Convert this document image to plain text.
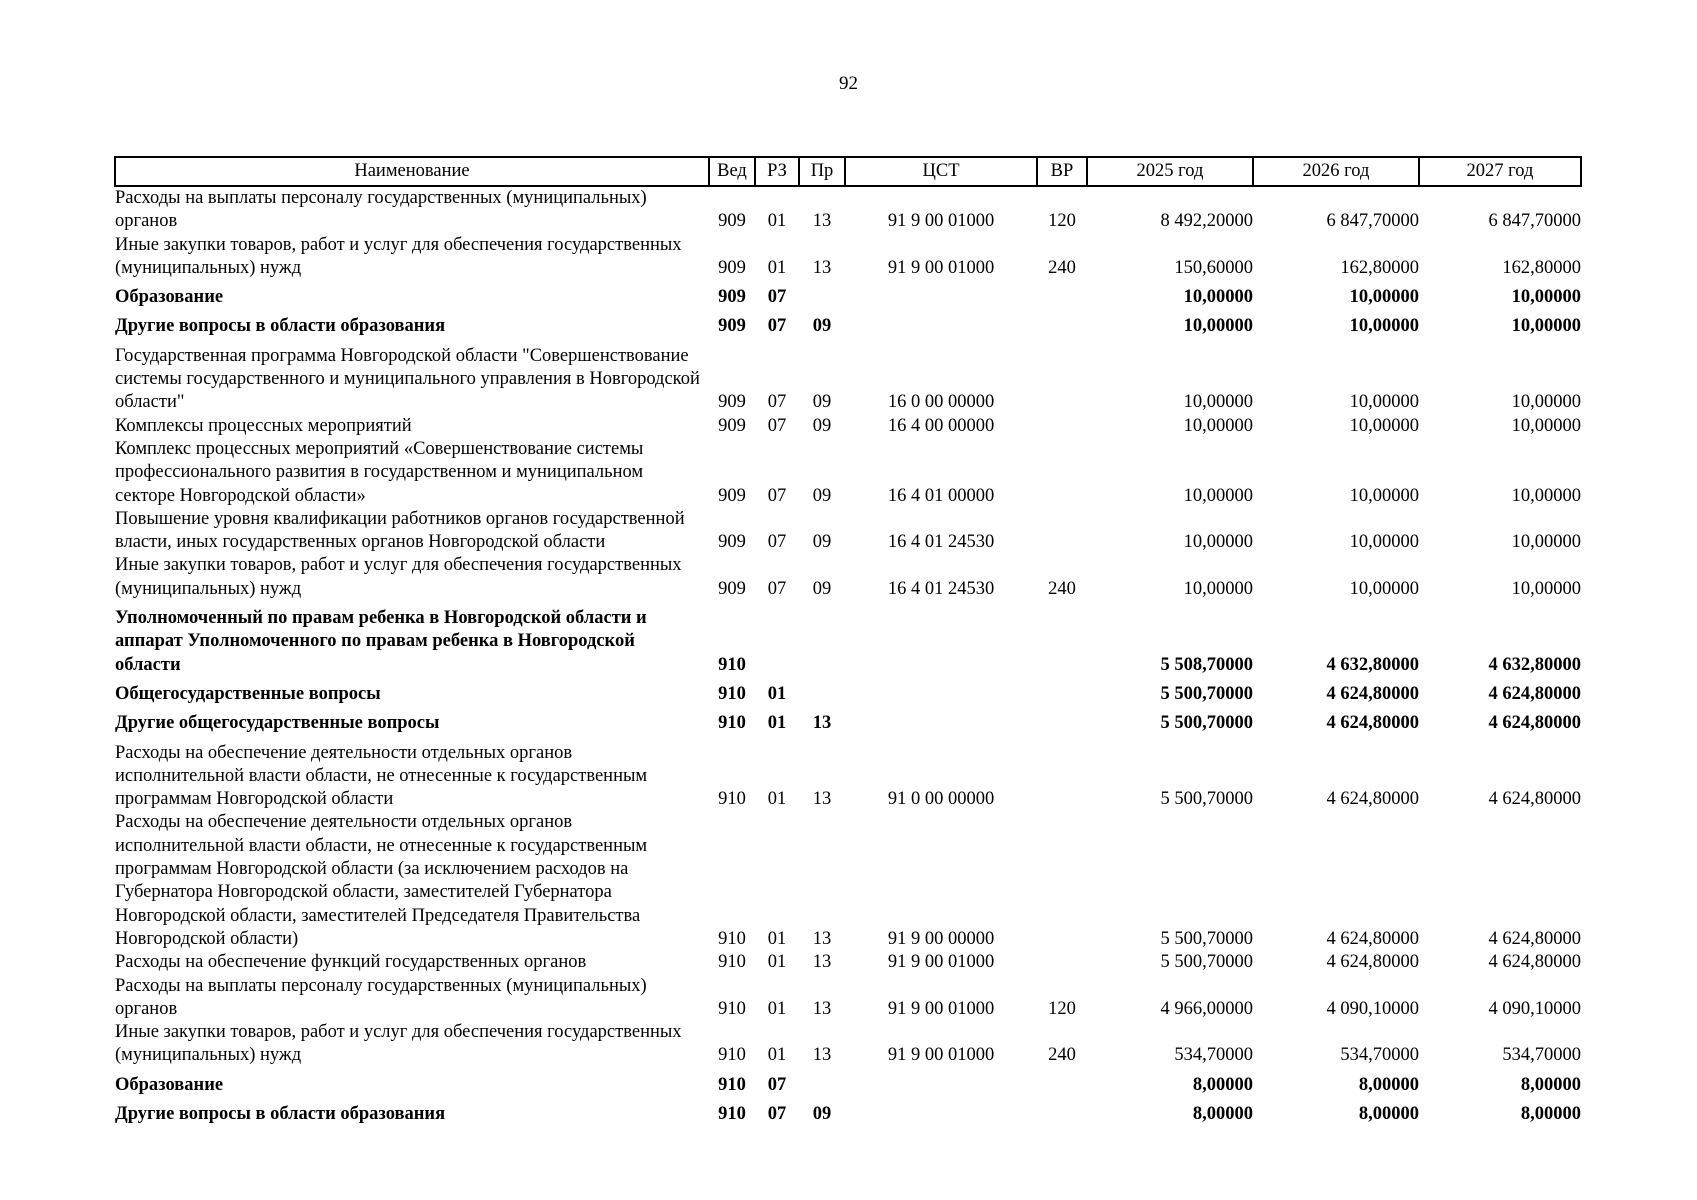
92
Наименование	Вед	РЗ	Пр	ЦСТ	ВР	2025 год	2026 год	2027 год
Расходы на выплаты персоналу государственных (муниципальных) органов	909	01	13	91 9 00 01000	120	8 492,20000	6 847,70000	6 847,70000
Иные закупки товаров, работ и услуг для обеспечения государственных (муниципальных) нужд	909	01	13	91 9 00 01000	240	150,60000	162,80000	162,80000
Образование	909	07				10,00000	10,00000	10,00000
Другие вопросы в области образования	909	07	09			10,00000	10,00000	10,00000
Государственная программа Новгородской области "Совершенствование системы государственного и муниципального управления в Новгородской области"	909	07	09	16 0 00 00000		10,00000	10,00000	10,00000
Комплексы процессных мероприятий	909	07	09	16 4 00 00000		10,00000	10,00000	10,00000
Комплекс процессных мероприятий «Совершенствование системы профессионального развития в государственном и муниципальном секторе Новгородской области»	909	07	09	16 4 01 00000		10,00000	10,00000	10,00000
Повышение уровня квалификации работников органов государственной власти, иных государственных органов Новгородской области	909	07	09	16 4 01 24530		10,00000	10,00000	10,00000
Иные закупки товаров, работ и услуг для обеспечения государственных (муниципальных) нужд	909	07	09	16 4 01 24530	240	10,00000	10,00000	10,00000
Уполномоченный по правам ребенка в Новгородской области и аппарат Уполномоченного по правам ребенка в Новгородской области	910					5 508,70000	4 632,80000	4 632,80000
Общегосударственные вопросы	910	01				5 500,70000	4 624,80000	4 624,80000
Другие общегосударственные вопросы	910	01	13			5 500,70000	4 624,80000	4 624,80000
Расходы на обеспечение деятельности отдельных органов исполнительной власти области, не отнесенные к государственным программам Новгородской области	910	01	13	91 0 00 00000		5 500,70000	4 624,80000	4 624,80000
Расходы на обеспечение деятельности отдельных органов исполнительной власти области, не отнесенные к государственным программам Новгородской области (за исключением расходов на Губернатора Новгородской области, заместителей Губернатора Новгородской области, заместителей Председателя Правительства Новгородской области)	910	01	13	91 9 00 00000		5 500,70000	4 624,80000	4 624,80000
Расходы на обеспечение функций государственных органов	910	01	13	91 9 00 01000		5 500,70000	4 624,80000	4 624,80000
Расходы на выплаты персоналу государственных (муниципальных) органов	910	01	13	91 9 00 01000	120	4 966,00000	4 090,10000	4 090,10000
Иные закупки товаров, работ и услуг для обеспечения государственных (муниципальных) нужд	910	01	13	91 9 00 01000	240	534,70000	534,70000	534,70000
Образование	910	07				8,00000	8,00000	8,00000
Другие вопросы в области образования	910	07	09			8,00000	8,00000	8,00000
